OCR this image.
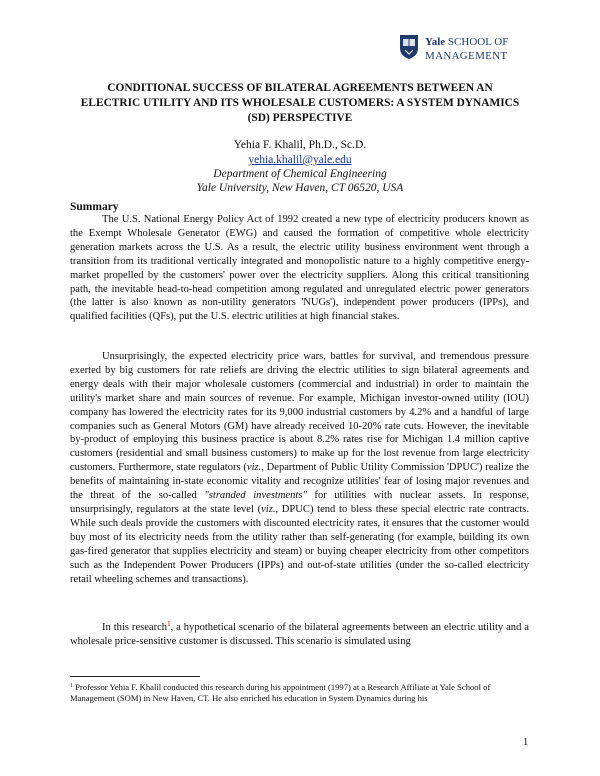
Yale SCHOOL OF
MANAGEMENT
CONDITIONAL SUCCESS OF BILATERAL AGREEMENTS BETWEEN AN ELECTRIC UTILITY AND ITS WHOLESALE CUSTOMERS: A SYSTEM DYNAMICS (SD) PERSPECTIVE
Yehia F. Khalil, Ph.D., Sc.D.
yehia.khalil@yale.edu
Department of Chemical Engineering
Yale University, New Haven, CT 06520, USA
Summary
The U.S. National Energy Policy Act of 1992 created a new type of electricity producers known as the Exempt Wholesale Generator (EWG) and caused the formation of competitive whole electricity generation markets across the U.S. As a result, the electric utility business environment went through a transition from its traditional vertically integrated and monopolistic nature to a highly competitive energy-market propelled by the customers' power over the electricity suppliers. Along this critical transitioning path, the inevitable head-to-head competition among regulated and unregulated electric power generators (the latter is also known as non-utility generators 'NUGs'), independent power producers (IPPs), and qualified facilities (QFs), put the U.S. electric utilities at high financial stakes.
Unsurprisingly, the expected electricity price wars, battles for survival, and tremendous pressure exerted by big customers for rate reliefs are driving the electric utilities to sign bilateral agreements and energy deals with their major wholesale customers (commercial and industrial) in order to maintain the utility's market share and main sources of revenue. For example, Michigan investor-owned utility (IOU) company has lowered the electricity rates for its 9,000 industrial customers by 4.2% and a handful of large companies such as General Motors (GM) have already received 10-20% rate cuts. However, the inevitable by-product of employing this business practice is about 8.2% rates rise for Michigan 1.4 million captive customers (residential and small business customers) to make up for the lost revenue from large electricity customers. Furthermore, state regulators (viz., Department of Public Utility Commission 'DPUC') realize the benefits of maintaining in-state economic vitality and recognize utilities' fear of losing major revenues and the threat of the so-called "stranded investments" for utilities with nuclear assets. In response, unsurprisingly, regulators at the state level (viz., DPUC) tend to bless these special electric rate contracts. While such deals provide the customers with discounted electricity rates, it ensures that the customer would buy most of its electricity needs from the utility rather than self-generating (for example, building its own gas-fired generator that supplies electricity and steam) or buying cheaper electricity from other competitors such as the Independent Power Producers (IPPs) and out-of-state utilities (under the so-called electricity retail wheeling schemes and transactions).
In this research$^1$, a hypothetical scenario of the bilateral agreements between an electric utility and a wholesale price-sensitive customer is discussed. This scenario is simulated using
$^1$ Professor Yehia F. Khalil conducted this research during his appointment (1997) at a Research Affiliate at Yale School of Management (SOM) in New Haven, CT. He also enriched his education in System Dynamics during his
1
